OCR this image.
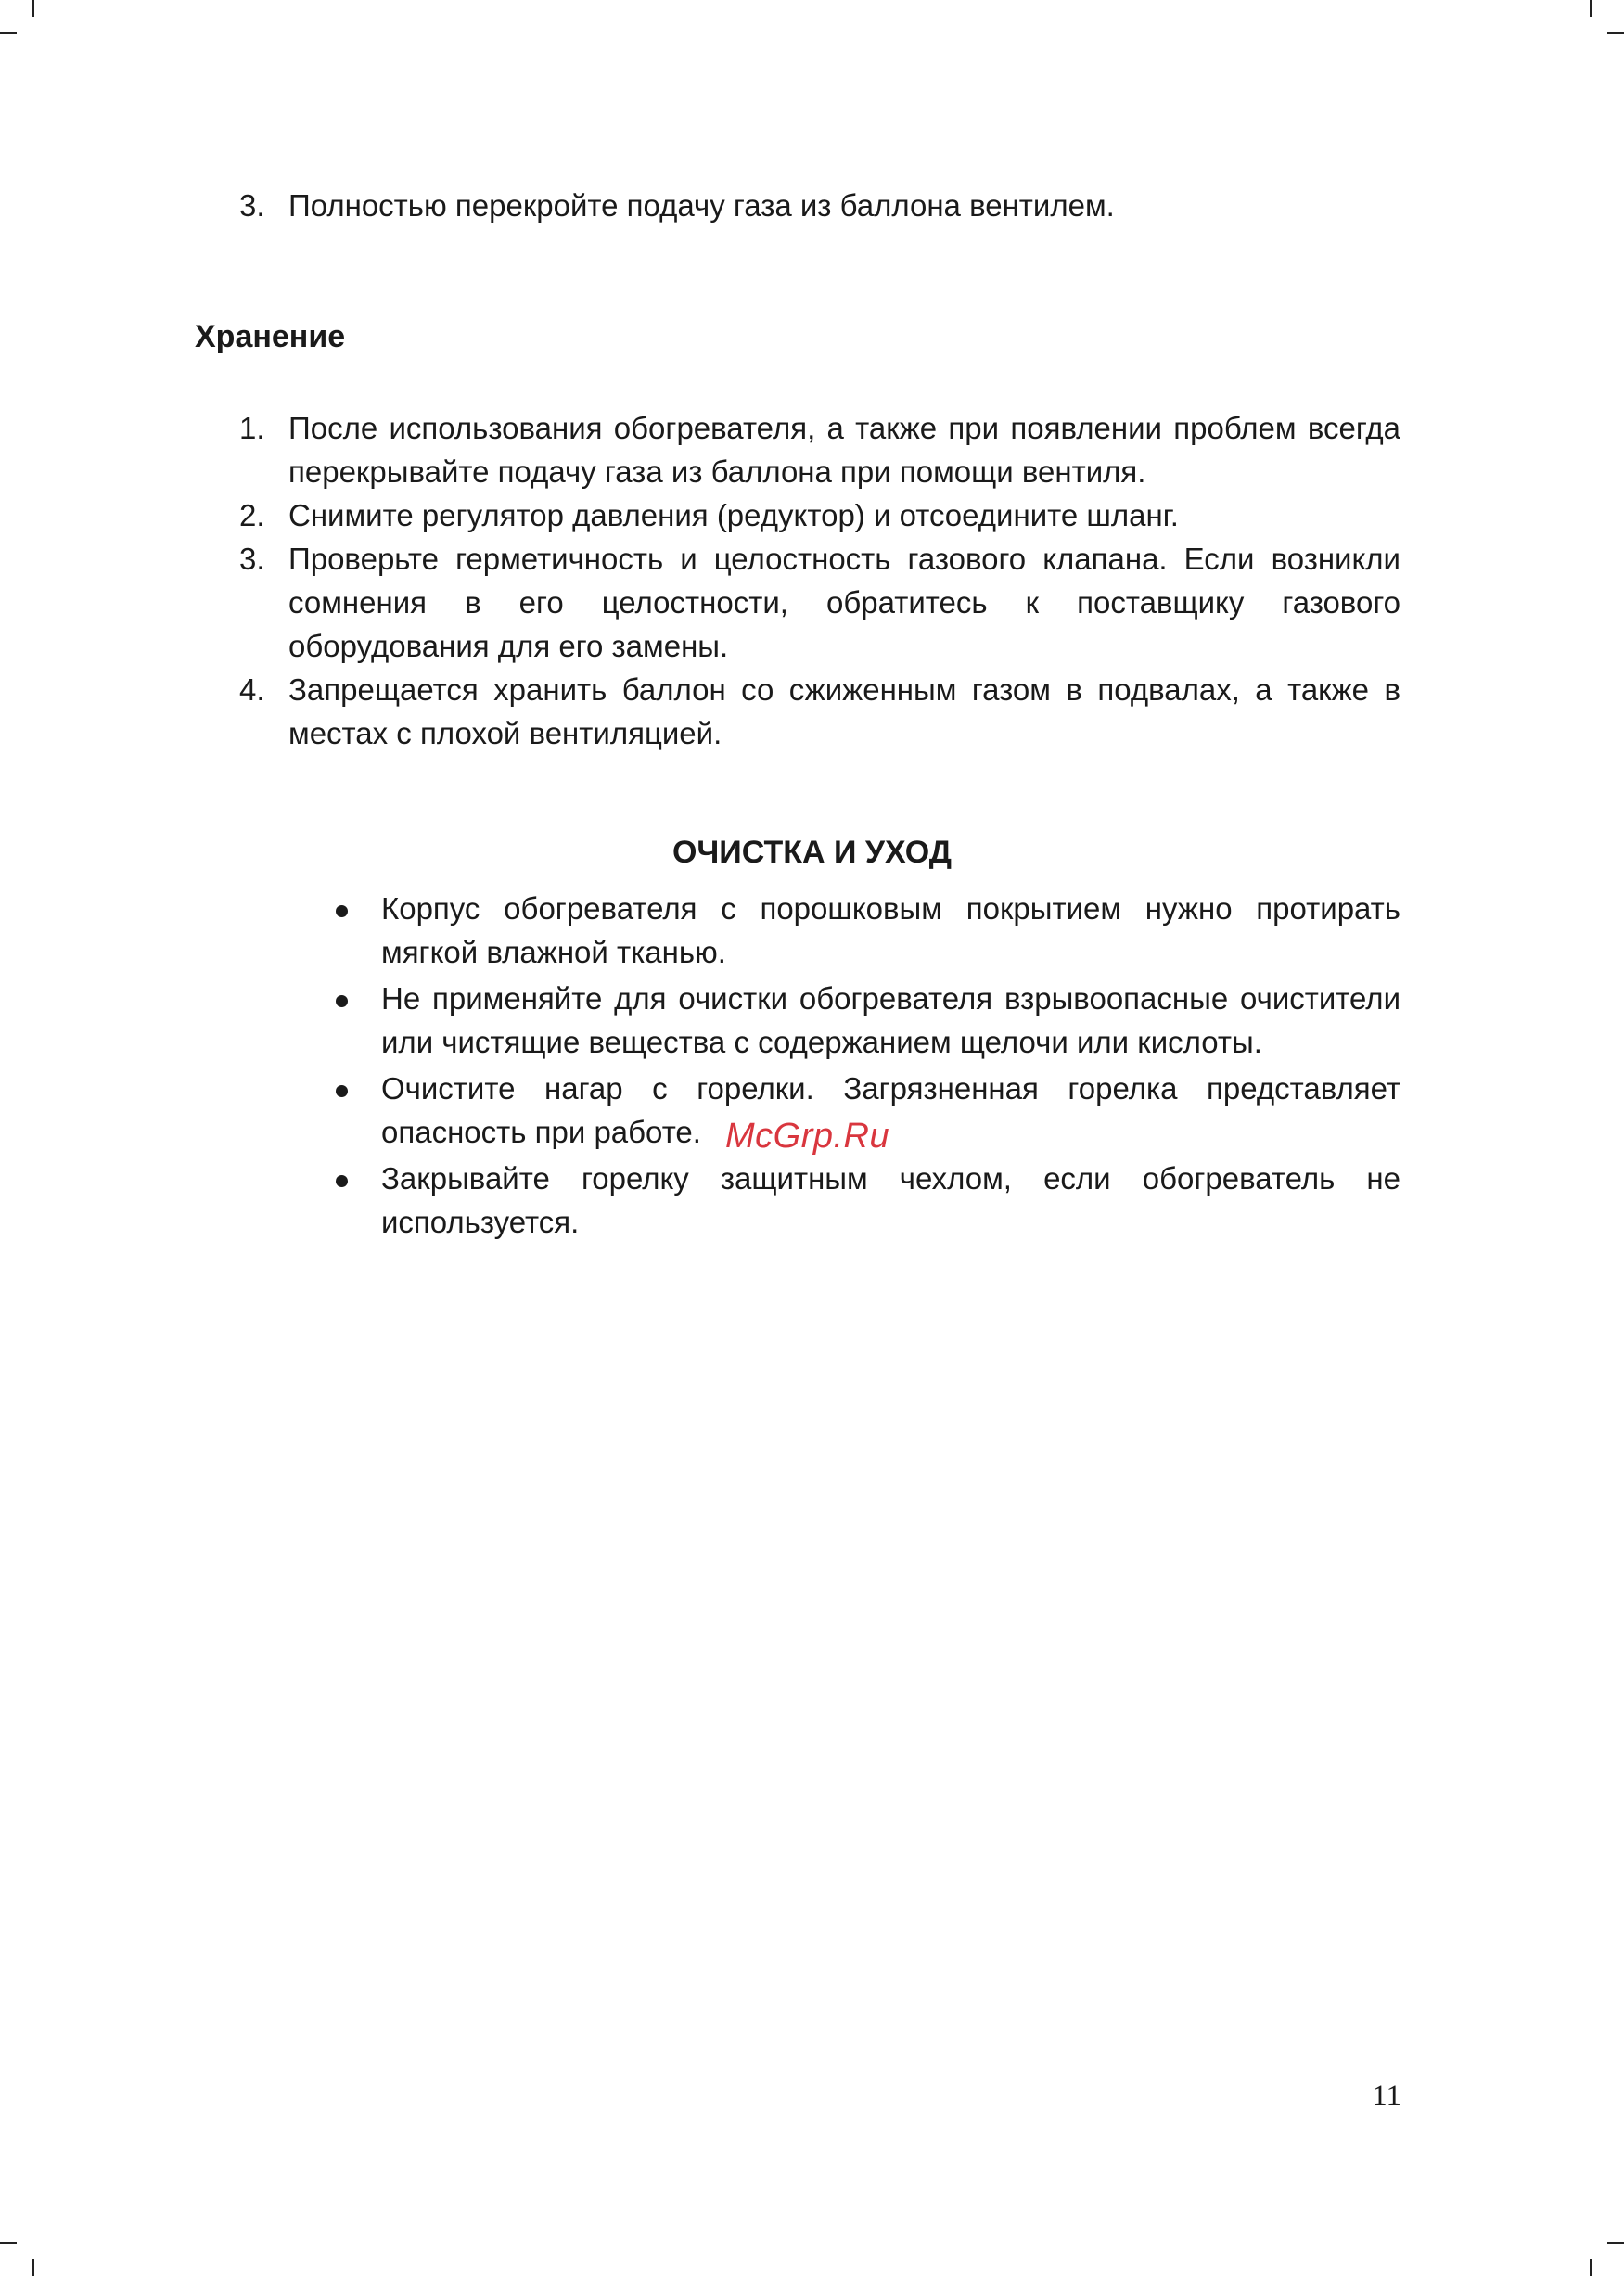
3. Полностью перекройте подачу газа из баллона вентилем.
Хранение
1. После использования обогревателя, а также при появлении проблем всегда перекрывайте подачу газа из баллона при помощи вентиля.
2. Снимите регулятор давления (редуктор) и отсоедините шланг.
3. Проверьте герметичность и целостность газового клапана. Если возникли сомнения в его целостности, обратитесь к поставщику газового оборудования для его замены.
4. Запрещается хранить баллон со сжиженным газом в подвалах, а также в местах с плохой вентиляцией.
ОЧИСТКА И УХОД
Корпус обогревателя с порошковым покрытием нужно протирать мягкой влажной тканью.
Не применяйте для очистки обогревателя взрывоопасные очистители или чистящие вещества с содержанием щелочи или кислоты.
Очистите нагар с горелки. Загрязненная горелка представляет опасность при работе.
Закрывайте горелку защитным чехлом, если обогреватель не используется.
McGrp.Ru
11
